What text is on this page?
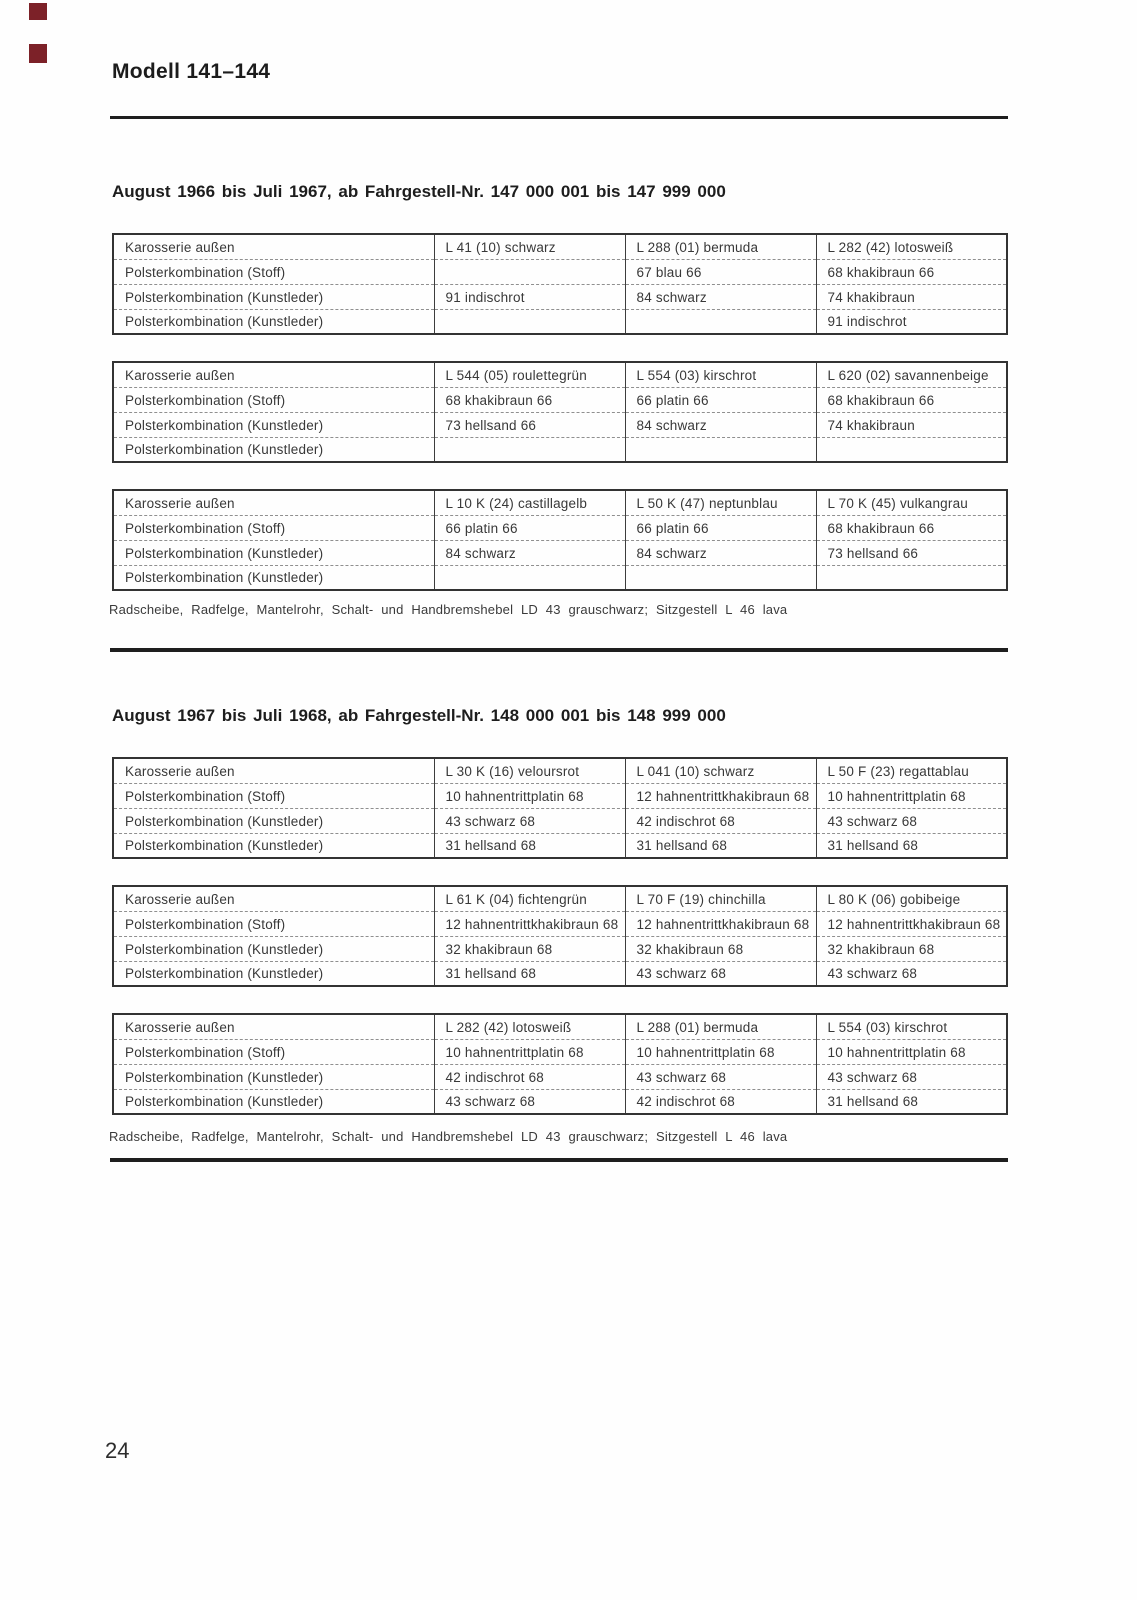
Modell 141–144
August 1966 bis Juli 1967, ab Fahrgestell-Nr. 147 000 001 bis 147 999 000
Karosserie außen	L 41 (10) schwarz	L 288 (01) bermuda	L 282 (42) lotosweiß
Polsterkombination (Stoff)		67 blau 66	68 khakibraun 66
Polsterkombination (Kunstleder)	91 indischrot	84 schwarz	74 khakibraun
Polsterkombination (Kunstleder)			91 indischrot
Karosserie außen	L 544 (05) roulettegrün	L 554 (03) kirschrot	L 620 (02) savannenbeige
Polsterkombination (Stoff)	68 khakibraun 66	66 platin 66	68 khakibraun 66
Polsterkombination (Kunstleder)	73 hellsand 66	84 schwarz	74 khakibraun
Polsterkombination (Kunstleder)			
Karosserie außen	L 10 K (24) castillagelb	L 50 K (47) neptunblau	L 70 K (45) vulkangrau
Polsterkombination (Stoff)	66 platin 66	66 platin 66	68 khakibraun 66
Polsterkombination (Kunstleder)	84 schwarz	84 schwarz	73 hellsand 66
Polsterkombination (Kunstleder)			
Radscheibe, Radfelge, Mantelrohr, Schalt- und Handbremshebel LD 43 grauschwarz; Sitzgestell L 46 lava
August 1967 bis Juli 1968, ab Fahrgestell-Nr. 148 000 001 bis 148 999 000
Karosserie außen	L 30 K (16) veloursrot	L 041 (10) schwarz	L 50 F (23) regattablau
Polsterkombination (Stoff)	10 hahnentrittplatin 68	12 hahnentrittkhakibraun 68	10 hahnentrittplatin 68
Polsterkombination (Kunstleder)	43 schwarz 68	42 indischrot 68	43 schwarz 68
Polsterkombination (Kunstleder)	31 hellsand 68	31 hellsand 68	31 hellsand 68
Karosserie außen	L 61 K (04) fichtengrün	L 70 F (19) chinchilla	L 80 K (06) gobibeige
Polsterkombination (Stoff)	12 hahnentrittkhakibraun 68	12 hahnentrittkhakibraun 68	12 hahnentrittkhakibraun 68
Polsterkombination (Kunstleder)	32 khakibraun 68	32 khakibraun 68	32 khakibraun 68
Polsterkombination (Kunstleder)	31 hellsand 68	43 schwarz 68	43 schwarz 68
Karosserie außen	L 282 (42) lotosweiß	L 288 (01) bermuda	L 554 (03) kirschrot
Polsterkombination (Stoff)	10 hahnentrittplatin 68	10 hahnentrittplatin 68	10 hahnentrittplatin 68
Polsterkombination (Kunstleder)	42 indischrot 68	43 schwarz 68	43 schwarz 68
Polsterkombination (Kunstleder)	43 schwarz 68	42 indischrot 68	31 hellsand 68
Radscheibe, Radfelge, Mantelrohr, Schalt- und Handbremshebel LD 43 grauschwarz; Sitzgestell L 46 lava
24
